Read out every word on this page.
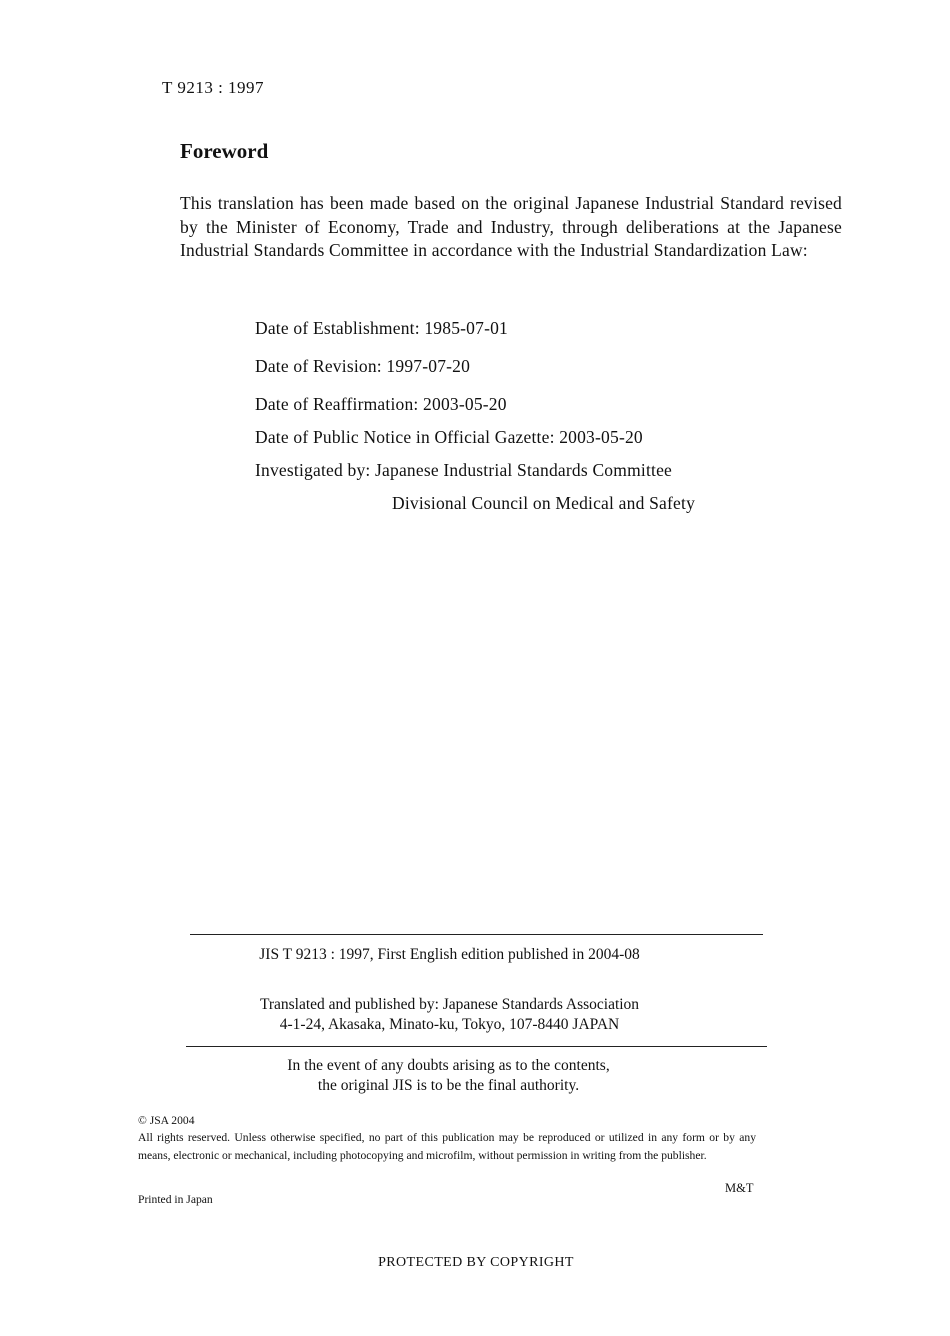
T 9213 : 1997
Foreword
This translation has been made based on the original Japanese Industrial Standard revised by the Minister of Economy, Trade and Industry, through deliberations at the Japanese Industrial Standards Committee in accordance with the Industrial Standardization Law:
Date of Establishment: 1985-07-01
Date of Revision: 1997-07-20
Date of Reaffirmation: 2003-05-20
Date of Public Notice in Official Gazette: 2003-05-20
Investigated by: Japanese Industrial Standards Committee
Divisional Council on Medical and Safety
JIS T 9213 : 1997, First English edition published in 2004-08
Translated and published by: Japanese Standards Association
4-1-24, Akasaka, Minato-ku, Tokyo, 107-8440 JAPAN
In the event of any doubts arising as to the contents,
the original JIS is to be the final authority.
© JSA 2004
All rights reserved. Unless otherwise specified, no part of this publication may be reproduced or utilized in any form or by any means, electronic or mechanical, including photocopying and microfilm, without permission in writing from the publisher.
M&T
Printed in Japan
PROTECTED BY COPYRIGHT
